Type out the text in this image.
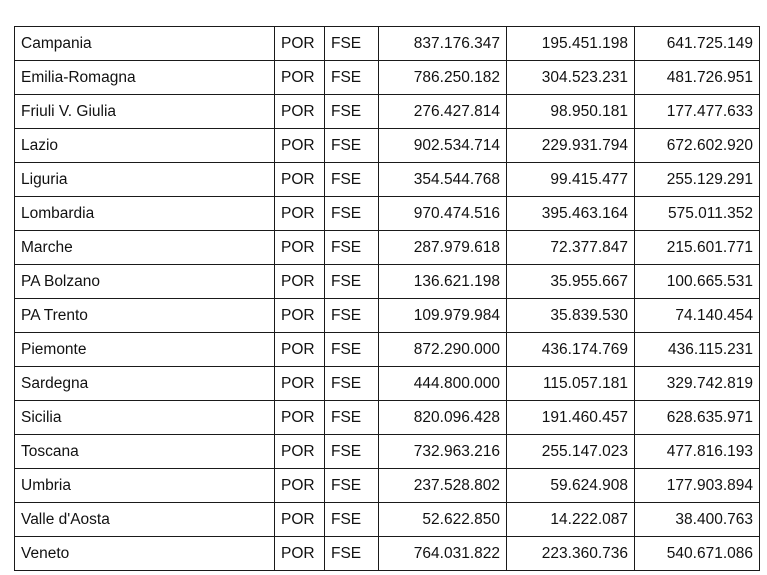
Campania	POR	FSE	837.176.347	195.451.198	641.725.149
Emilia-Romagna	POR	FSE	786.250.182	304.523.231	481.726.951
Friuli V. Giulia	POR	FSE	276.427.814	98.950.181	177.477.633
Lazio	POR	FSE	902.534.714	229.931.794	672.602.920
Liguria	POR	FSE	354.544.768	99.415.477	255.129.291
Lombardia	POR	FSE	970.474.516	395.463.164	575.011.352
Marche	POR	FSE	287.979.618	72.377.847	215.601.771
PA Bolzano	POR	FSE	136.621.198	35.955.667	100.665.531
PA Trento	POR	FSE	109.979.984	35.839.530	74.140.454
Piemonte	POR	FSE	872.290.000	436.174.769	436.115.231
Sardegna	POR	FSE	444.800.000	115.057.181	329.742.819
Sicilia	POR	FSE	820.096.428	191.460.457	628.635.971
Toscana	POR	FSE	732.963.216	255.147.023	477.816.193
Umbria	POR	FSE	237.528.802	59.624.908	177.903.894
Valle d'Aosta	POR	FSE	52.622.850	14.222.087	38.400.763
Veneto	POR	FSE	764.031.822	223.360.736	540.671.086
